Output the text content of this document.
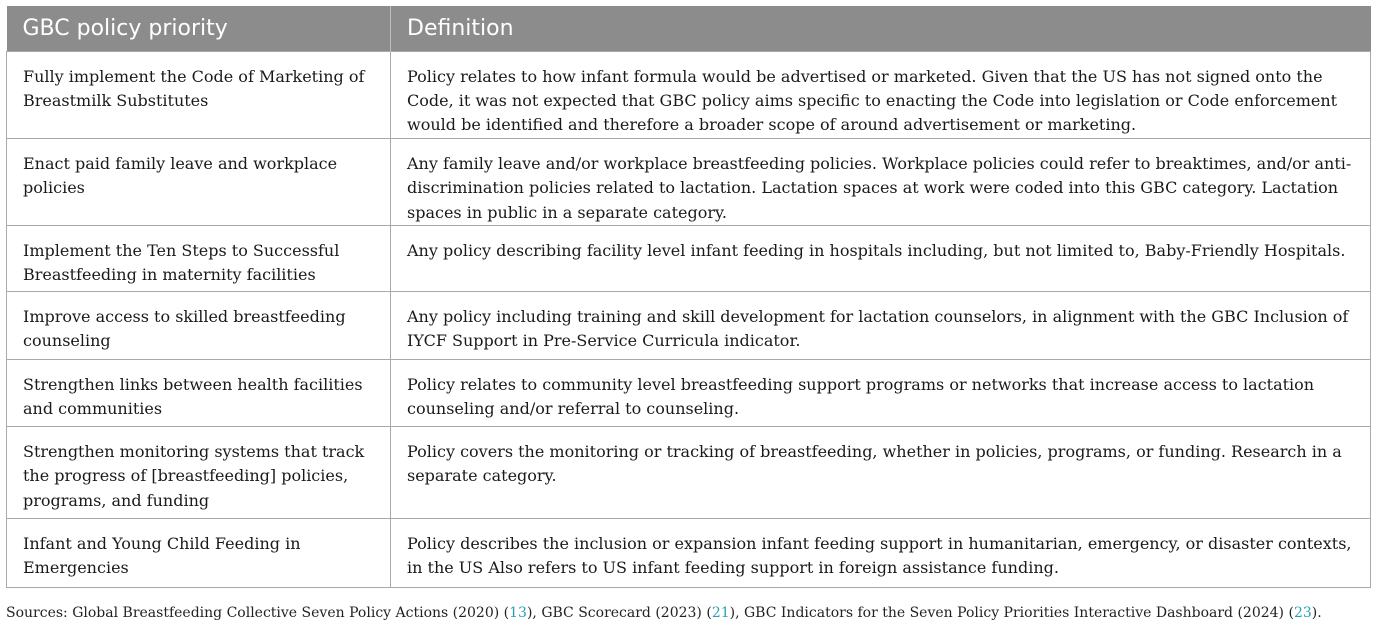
GBC policy priority	Definition
Fully implement the Code of Marketing of Breastmilk Substitutes	Policy relates to how infant formula would be advertised or marketed. Given that the US has not signed onto the Code, it was not expected that GBC policy aims specific to enacting the Code into legislation or Code enforcement would be identified and therefore a broader scope of around advertisement or marketing.
Enact paid family leave and workplace policies	Any family leave and/or workplace breastfeeding policies. Workplace policies could refer to breaktimes, and/or anti-discrimination policies related to lactation. Lactation spaces at work were coded into this GBC category. Lactation spaces in public in a separate category.
Implement the Ten Steps to Successful Breastfeeding in maternity facilities	Any policy describing facility level infant feeding in hospitals including, but not limited to, Baby-Friendly Hospitals.
Improve access to skilled breastfeeding counseling	Any policy including training and skill development for lactation counselors, in alignment with the GBC Inclusion of IYCF Support in Pre-Service Curricula indicator.
Strengthen links between health facilities and communities	Policy relates to community level breastfeeding support programs or networks that increase access to lactation counseling and/or referral to counseling.
Strengthen monitoring systems that track the progress of [breastfeeding] policies, programs, and funding	Policy covers the monitoring or tracking of breastfeeding, whether in policies, programs, or funding. Research in a separate category.
Infant and Young Child Feeding in Emergencies	Policy describes the inclusion or expansion infant feeding support in humanitarian, emergency, or disaster contexts, in the US Also refers to US infant feeding support in foreign assistance funding.
Sources: Global Breastfeeding Collective Seven Policy Actions (2020) (13), GBC Scorecard (2023) (21), GBC Indicators for the Seven Policy Priorities Interactive Dashboard (2024) (23).
